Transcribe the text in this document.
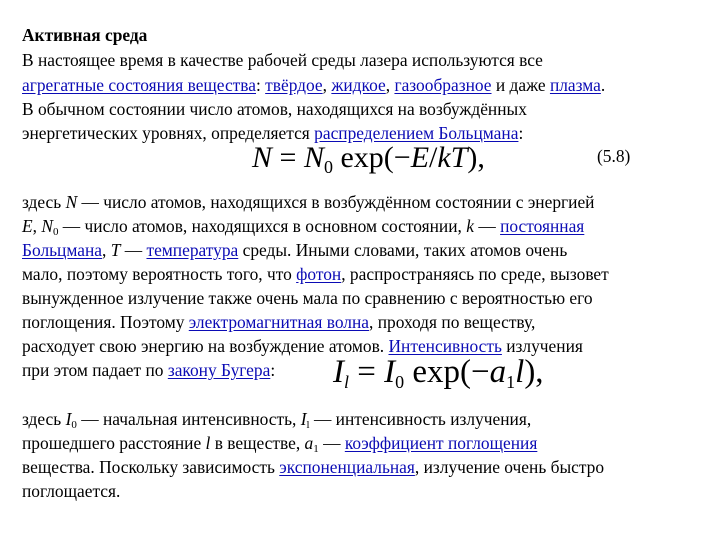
Активная среда
В настоящее время в качестве рабочей среды лазера используются все
агрегатные состояния вещества: твёрдое, жидкое, газообразное и даже плазма.
В обычном состоянии число атомов, находящихся на возбуждённых
энергетических уровнях, определяется распределением Больцмана:
$N = N_0$ exp(−E/kT),	(5.8)
здесь N — число атомов, находящихся в возбуждённом состоянии с энергией
E, $N_0$ — число атомов, находящихся в основном состоянии, k — постоянная
Больцмана, T — температура среды. Иными словами, таких атомов очень
мало, поэтому вероятность того, что фотон, распространяясь по среде, вызовет
вынужденное излучение также очень мала по сравнению с вероятностью его
поглощения. Поэтому электромагнитная волна, проходя по веществу,
расходует свою энергию на возбуждение атомов. Интенсивность излучения
при этом падает по закону Бугера: Il = I0 exp(−a1l),
здесь $I_0$ — начальная интенсивность, $I_l$ — интенсивность излучения,
прошедшего расстояние l в веществе, $a_1$ — коэффициент поглощения
вещества. Поскольку зависимость экспоненциальная, излучение очень быстро
поглощается.
